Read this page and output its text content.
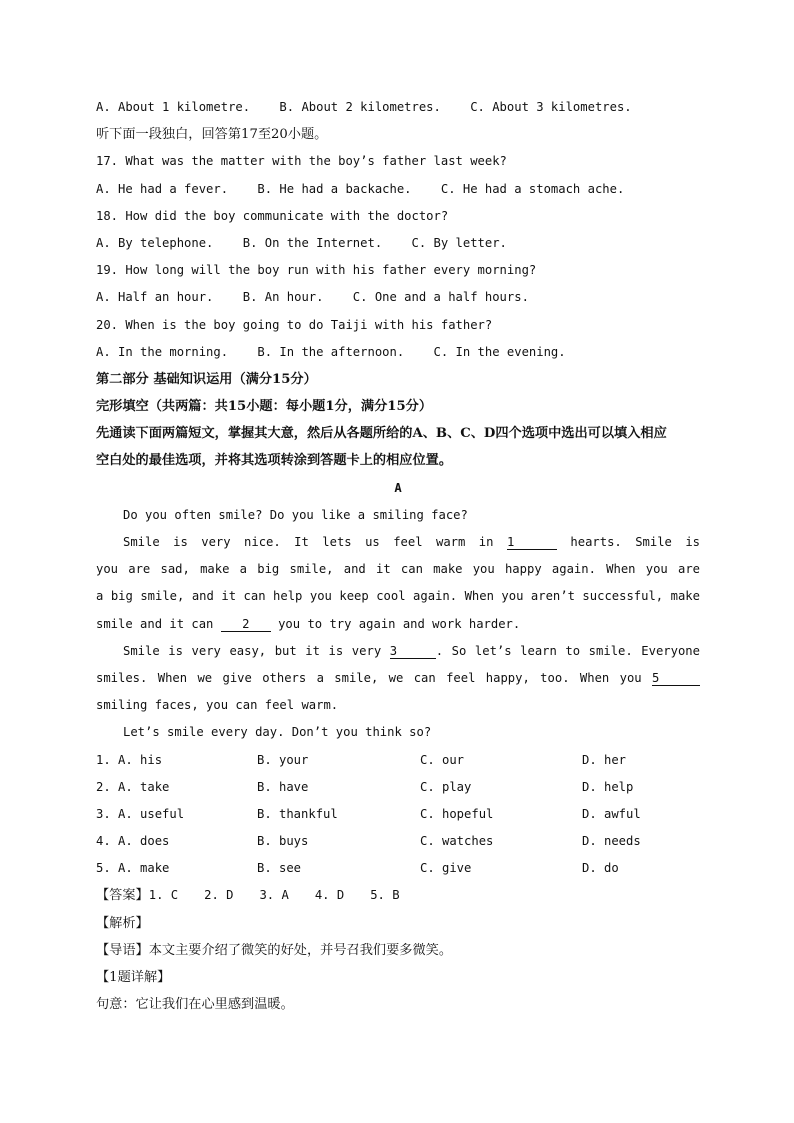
A. About 1 kilometre.    B. About 2 kilometres.    C. About 3 kilometres.
听下面一段独白，回答第17至20小题。
17. What was the matter with the boy’s father last week?
A. He had a fever.    B. He had a backache.    C. He had a stomach ache.
18. How did the boy communicate with the doctor?
A. By telephone.    B. On the Internet.    C. By letter.
19. How long will the boy run with his father every morning?
A. Half an hour.    B. An hour.    C. One and a half hours.
20. When is the boy going to do Taiji with his father?
A. In the morning.    B. In the afternoon.    C. In the evening.
第二部分 基础知识运用（满分15分）
完形填空（共两篇：共15小题：每小题1分，满分15分）
先通读下面两篇短文，掌握其大意，然后从各题所给的A、B、C、D四个选项中选出可以填入相应
空白处的最佳选项，并将其选项转涂到答题卡上的相应位置。
A
Do you often smile? Do you like a smiling face?
Smile is very nice. It lets us feel warm in 1	hearts. Smile is
you are sad, make a big smile, and it can make you happy again. When you are
a big smile, and it can help you keep cool again. When you aren’t successful, make
smile and it can 2 you to try again and work harder.
Smile is very easy, but it is very 3	. So let’s learn to smile. Everyone
smiles. When we give others a smile, we can feel happy, too. When you 5
smiling faces, you can feel warm.
Let’s smile every day. Don’t you think so?
1. A. his	B. your	C. our	D. her
2. A. take	B. have	C. play	D. help
3. A. useful	B. thankful	C. hopeful	D. awful
4. A. does	B. buys	C. watches	D. needs
5. A. make	B. see	C. give	D. do
【答案】1. C 2. D 3. A 4. D 5. B
【解析】
【导语】本文主要介绍了微笑的好处，并号召我们要多微笑。
【1题详解】
句意：它让我们在心里感到温暖。
